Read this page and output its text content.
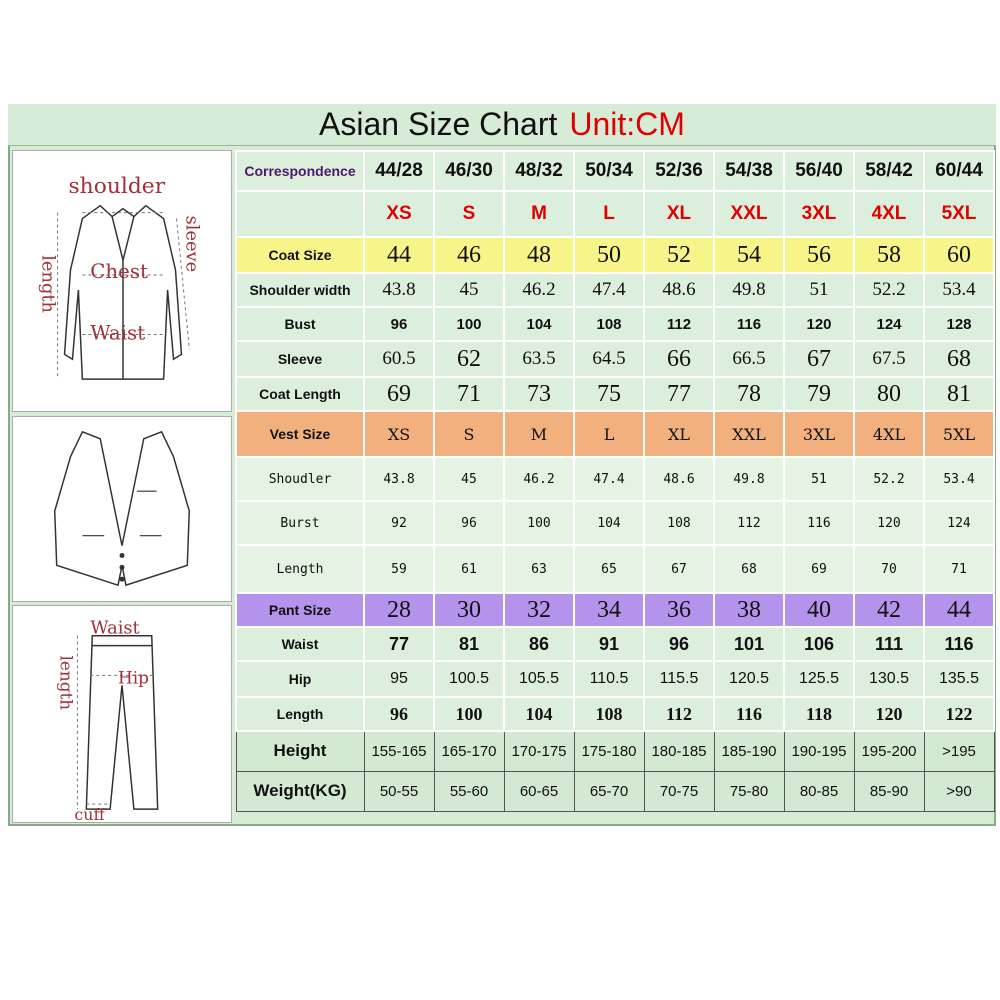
Asian Size Chart Unit:CM
shoulder
length Chest sleeve
Waist
Waist
length Hip
cuff
Correspondence	44/28	46/30	48/32	50/34	52/36	54/38	56/40	58/42	60/44
	XS	S	M	L	XL	XXL	3XL	4XL	5XL
Coat Size	44	46	48	50	52	54	56	58	60
Shoulder width	43.8	45	46.2	47.4	48.6	49.8	51	52.2	53.4
Bust	96	100	104	108	112	116	120	124	128
Sleeve	60.5	62	63.5	64.5	66	66.5	67	67.5	68
Coat Length	69	71	73	75	77	78	79	80	81
Vest Size	XS	S	M	L	XL	XXL	3XL	4XL	5XL
Shoudler	43.8	45	46.2	47.4	48.6	49.8	51	52.2	53.4
Burst	92	96	100	104	108	112	116	120	124
Length	59	61	63	65	67	68	69	70	71
Pant Size	28	30	32	34	36	38	40	42	44
Waist	77	81	86	91	96	101	106	111	116
Hip	95	100.5	105.5	110.5	115.5	120.5	125.5	130.5	135.5
Length	96	100	104	108	112	116	118	120	122
Height	155-165	165-170	170-175	175-180	180-185	185-190	190-195	195-200	>195
Weight(KG)	50-55	55-60	60-65	65-70	70-75	75-80	80-85	85-90	>90
